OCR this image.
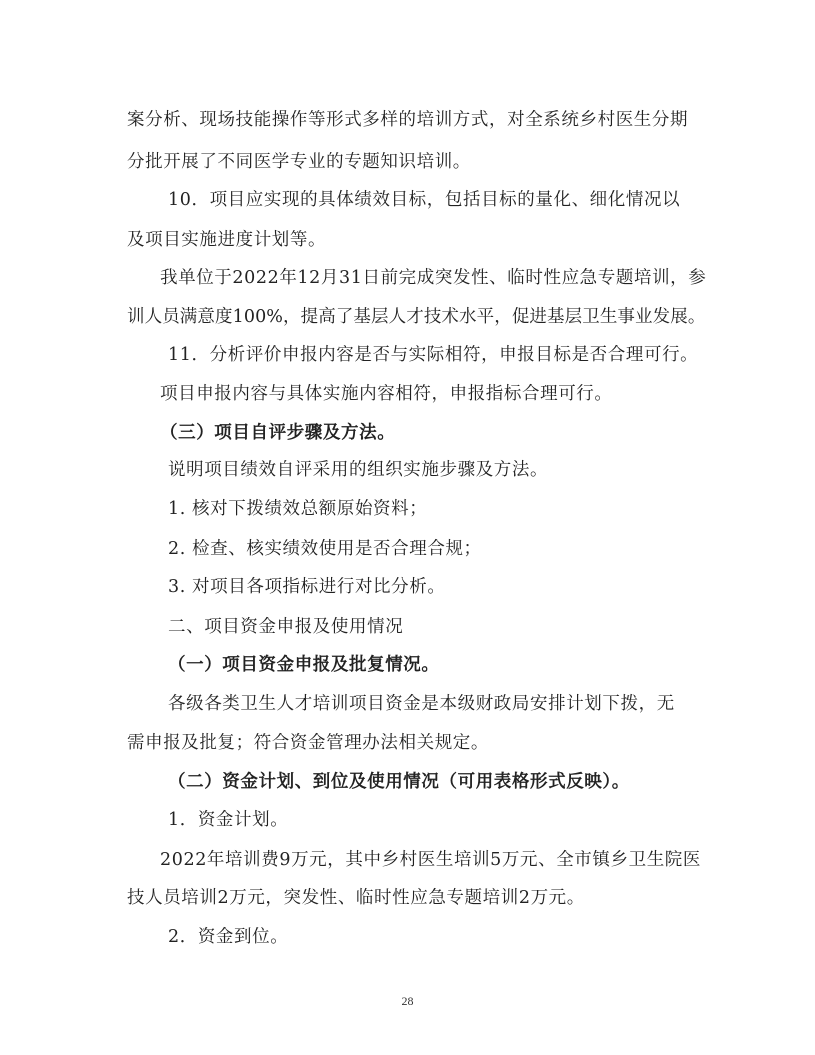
案分析、现场技能操作等形式多样的培训方式，对全系统乡村医生分期
分批开展了不同医学专业的专题知识培训。
10．项目应实现的具体绩效目标，包括目标的量化、细化情况以
及项目实施进度计划等。
我单位于2022年12月31日前完成突发性、临时性应急专题培训，参
训人员满意度100%，提高了基层人才技术水平，促进基层卫生事业发展。
11．分析评价申报内容是否与实际相符，申报目标是否合理可行。
项目申报内容与具体实施内容相符，申报指标合理可行。
（三）项目自评步骤及方法。
说明项目绩效自评采用的组织实施步骤及方法。
1. 核对下拨绩效总额原始资料；
2. 检查、核实绩效使用是否合理合规；
3. 对项目各项指标进行对比分析。
二、项目资金申报及使用情况
（一）项目资金申报及批复情况。
各级各类卫生人才培训项目资金是本级财政局安排计划下拨，无
需申报及批复；符合资金管理办法相关规定。
（二）资金计划、到位及使用情况（可用表格形式反映）。
1．资金计划。
2022年培训费9万元，其中乡村医生培训5万元、全市镇乡卫生院医
技人员培训2万元，突发性、临时性应急专题培训2万元。
2．资金到位。
28
